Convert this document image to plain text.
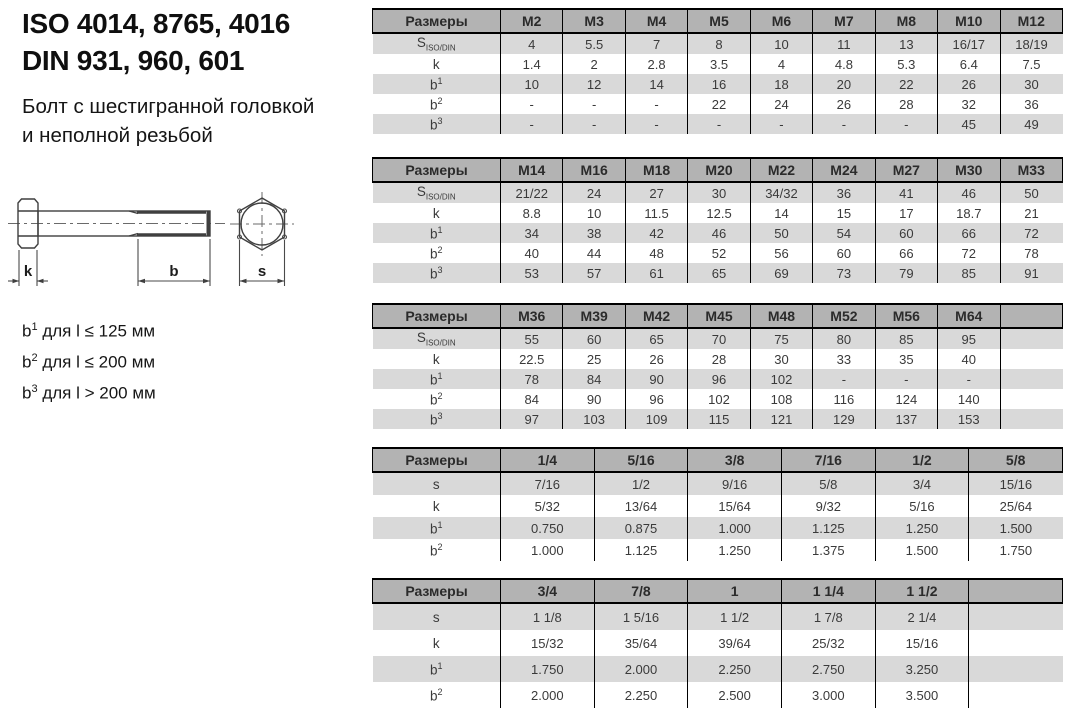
ISO 4014, 8765, 4016
DIN 931, 960, 601
Болт с шестигранной головкой
и неполной резьбой
k	b	s
$b^1$ для l ≤ 125 мм
$b^2$ для l ≤ 200 мм
$b^3$ для l > 200 мм
Размеры	M2	M3	M4	M5	M6	M7	M8	M10	M12
$S_{ISO/DIN}$	4	5.5	7	8	10	11	13	16/17	18/19
k	1.4	2	2.8	3.5	4	4.8	5.3	6.4	7.5
$b^1$	10	12	14	16	18	20	22	26	30
$b^2$	-	-	-	22	24	26	28	32	36
$b^3$	-	-	-	-	-	-	-	45	49
Размеры	M14	M16	M18	M20	M22	M24	M27	M30	M33
$S_{ISO/DIN}$	21/22	24	27	30	34/32	36	41	46	50
k	8.8	10	11.5	12.5	14	15	17	18.7	21
$b^1$	34	38	42	46	50	54	60	66	72
$b^2$	40	44	48	52	56	60	66	72	78
$b^3$	53	57	61	65	69	73	79	85	91
Размеры	M36	M39	M42	M45	M48	M52	M56	M64	
$S_{ISO/DIN}$	55	60	65	70	75	80	85	95	
k	22.5	25	26	28	30	33	35	40	
$b^1$	78	84	90	96	102	-	-	-	
$b^2$	84	90	96	102	108	116	124	140	
$b^3$	97	103	109	115	121	129	137	153	
Размеры	1/4	5/16	3/8	7/16	1/2	5/8
s	7/16	1/2	9/16	5/8	3/4	15/16
k	5/32	13/64	15/64	9/32	5/16	25/64
$b^1$	0.750	0.875	1.000	1.125	1.250	1.500
$b^2$	1.000	1.125	1.250	1.375	1.500	1.750
Размеры	3/4	7/8	1	1 1/4	1 1/2	
s	1 1/8	1 5/16	1 1/2	1 7/8	2 1/4	
k	15/32	35/64	39/64	25/32	15/16	
$b^1$	1.750	2.000	2.250	2.750	3.250	
$b^2$	2.000	2.250	2.500	3.000	3.500	
